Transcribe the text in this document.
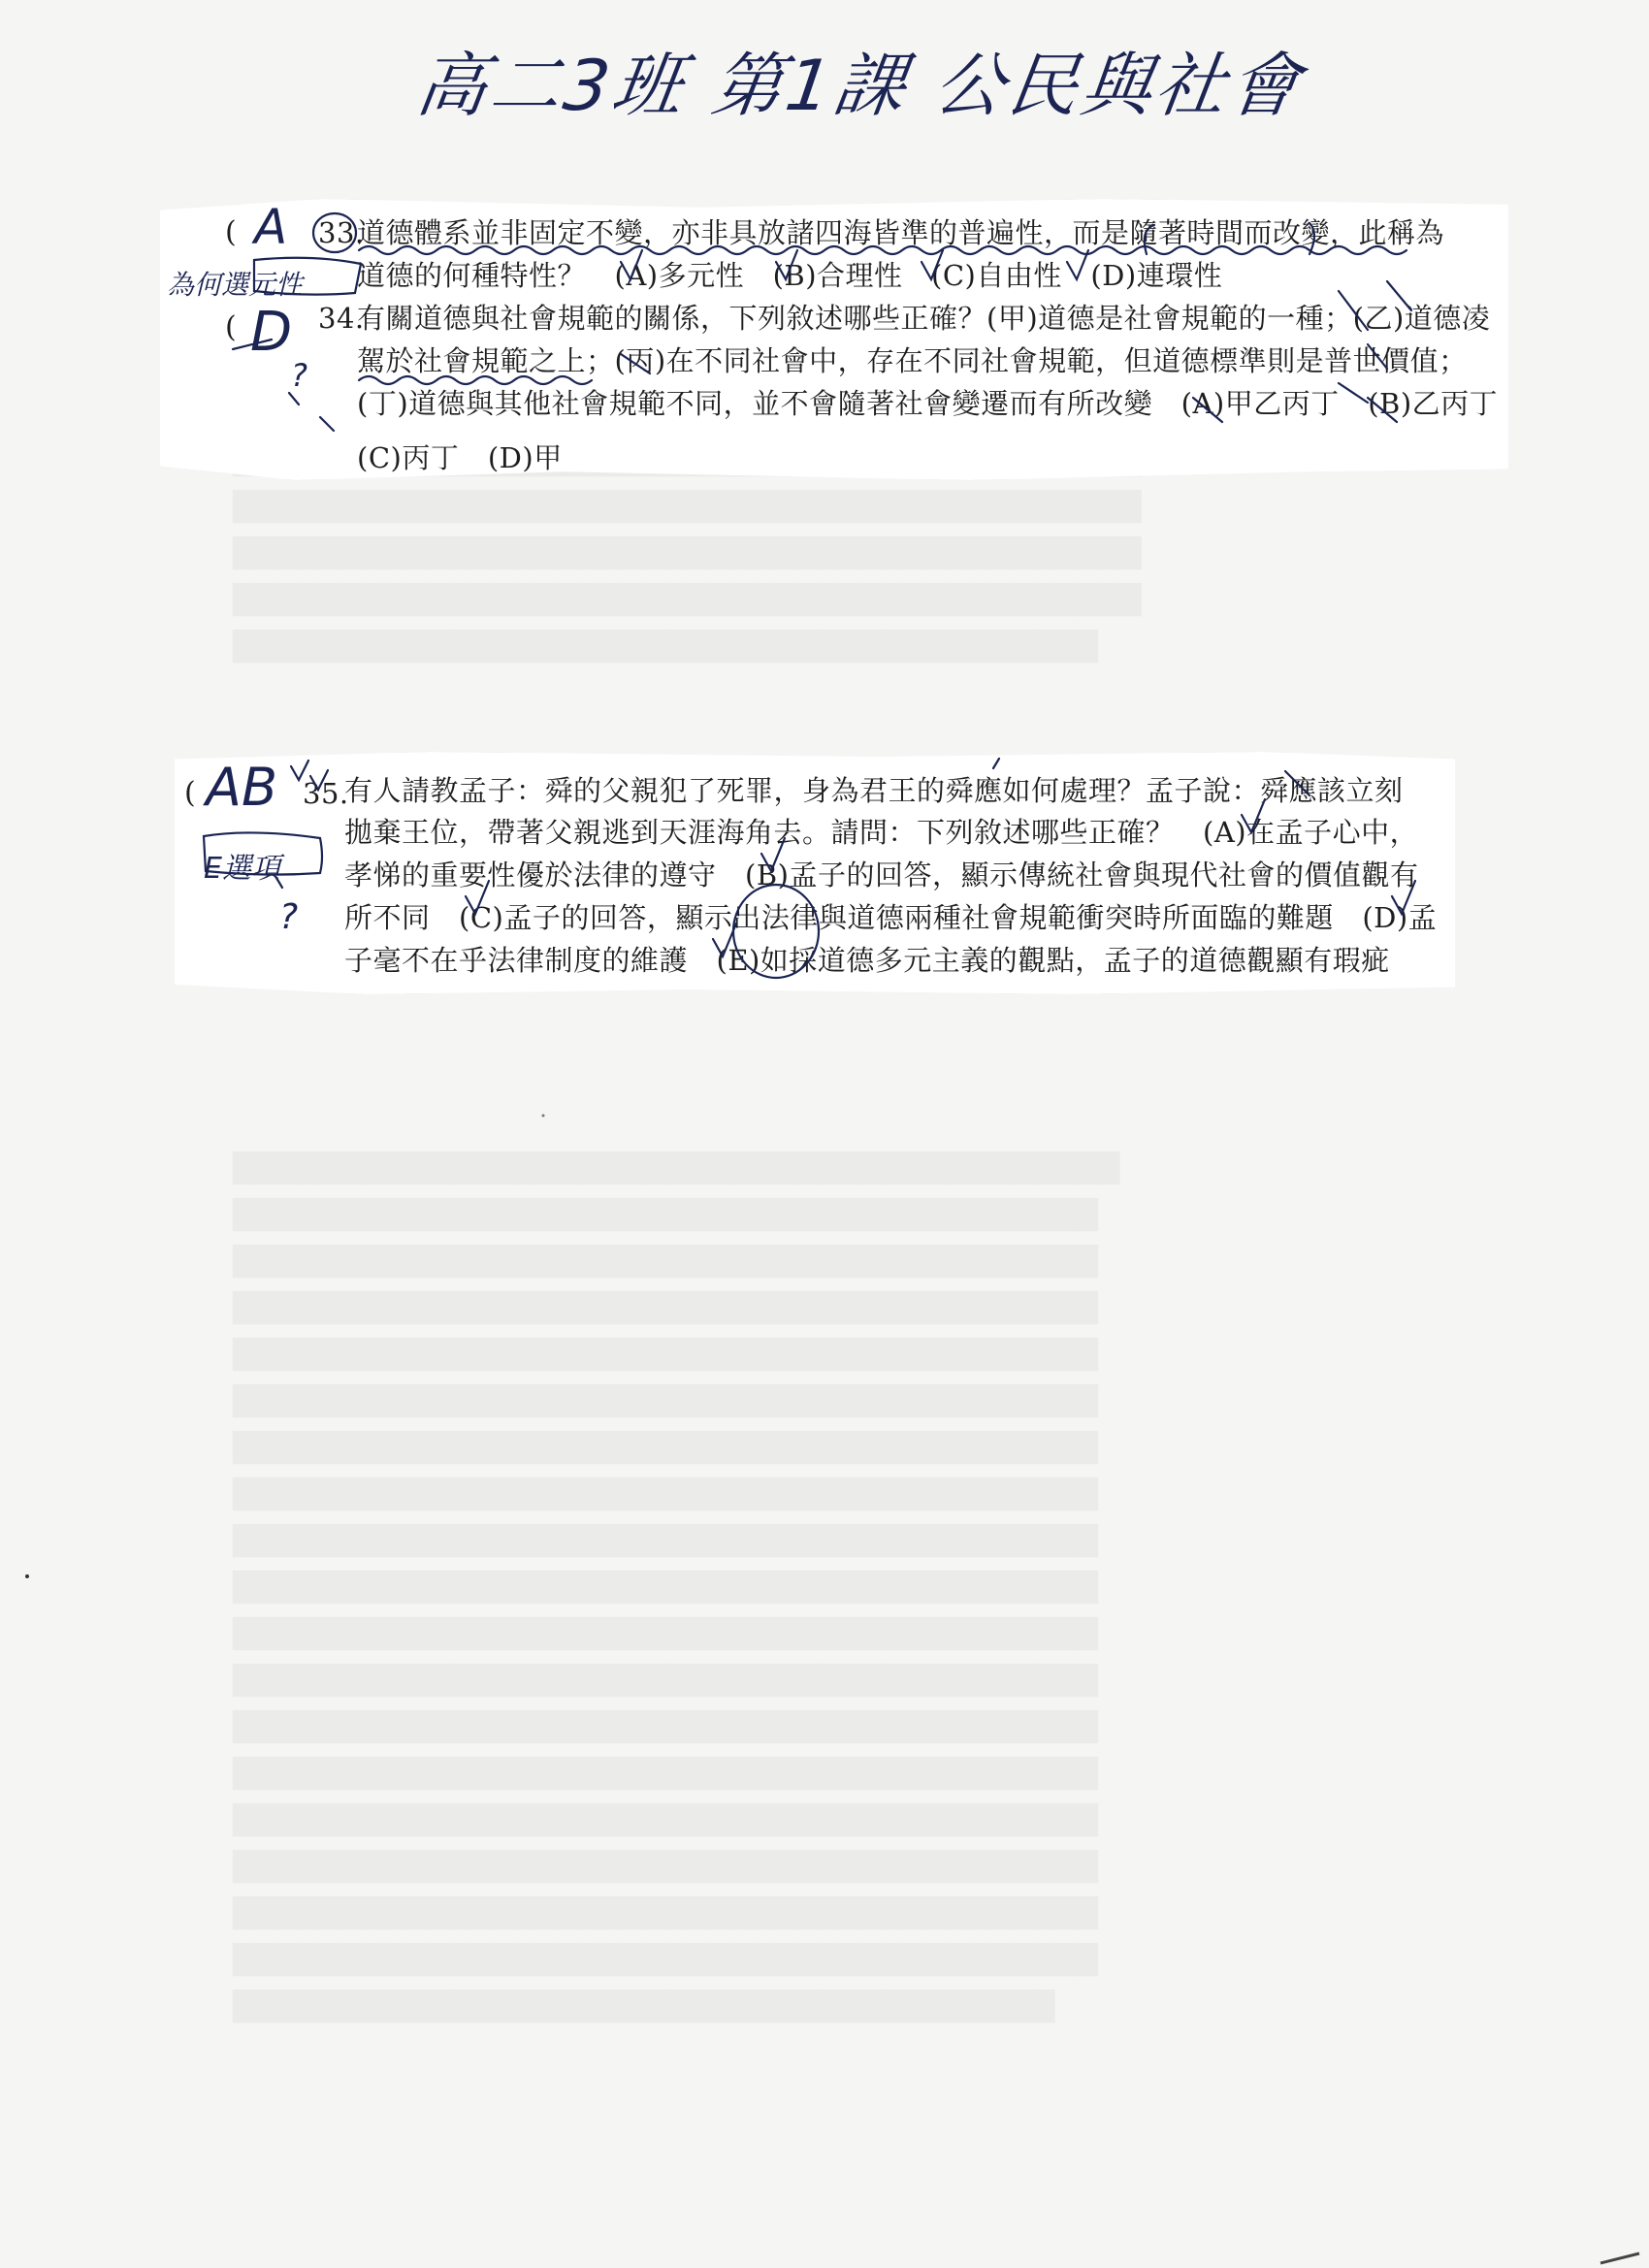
高二3班 第1課 公民與社會
( A
為何選元性
33.
道德體系並非固定不變，亦非具放諸四海皆準的普遍性，而是隨著時間而改變，此稱為
道德的何種特性？　(A)多元性　(B)合理性　(C)自由性　(D)連環性
( D
?
34.
有關道德與社會規範的關係，下列敘述哪些正確？(甲)道德是社會規範的一種；(乙)道德凌
駕於社會規範之上；(丙)在不同社會中，存在不同社會規範，但道德標準則是普世價值；
(丁)道德與其他社會規範不同，並不會隨著社會變遷而有所改變　(A)甲乙丙丁　(B)乙丙丁
(C)丙丁　(D)甲
( AB
E選項
?
35.
有人請教孟子：舜的父親犯了死罪，身為君王的舜應如何處理？孟子說：舜應該立刻
拋棄王位，帶著父親逃到天涯海角去。請問：下列敘述哪些正確？　(A)在孟子心中，
孝悌的重要性優於法律的遵守　(B)孟子的回答，顯示傳統社會與現代社會的價值觀有
所不同　(C)孟子的回答，顯示出法律與道德兩種社會規範衝突時所面臨的難題　(D)孟
子毫不在乎法律制度的維護　(E)如採道德多元主義的觀點，孟子的道德觀顯有瑕疵
